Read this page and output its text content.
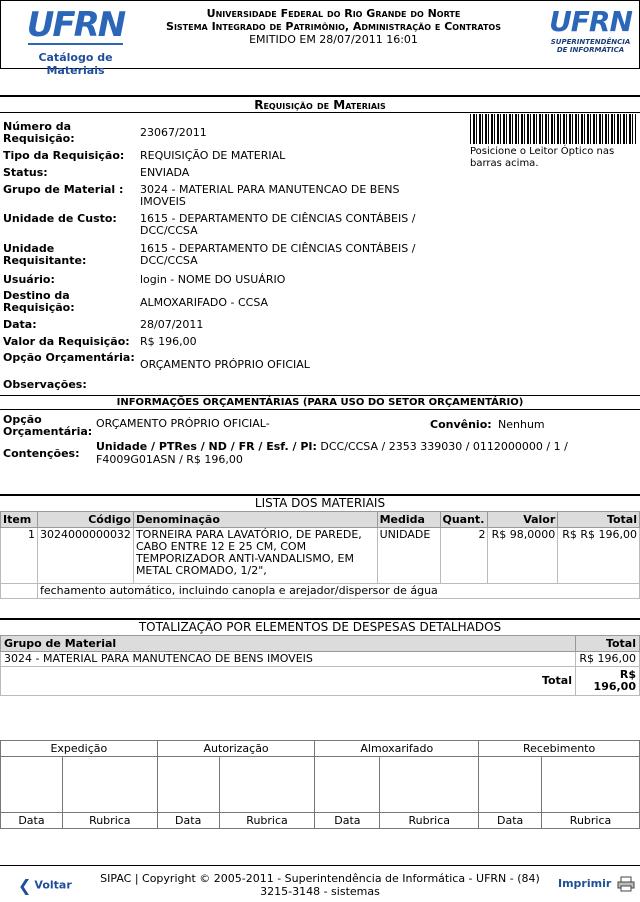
UFRN
Catálogo de Materiais
Universidade Federal do Rio Grande do Norte
Sistema Integrado de Patrimônio, Administração e Contratos
EMITIDO EM 28/07/2011 16:01
UFRN
SUPERINTENDÊNCIA
DE INFORMÁTICA
Requisição de Materiais
Posicione o Leitor Óptico nas barras acima.
Número da Requisição:	23067/2011
Tipo da Requisição:	REQUISIÇÃO DE MATERIAL
Status:	ENVIADA
Grupo de Material :	3024 - MATERIAL PARA MANUTENCAO DE BENS IMOVEIS
Unidade de Custo:	1615 - DEPARTAMENTO DE CIÊNCIAS CONTÁBEIS / DCC/CCSA
Unidade Requisitante:
1615 - DEPARTAMENTO DE CIÊNCIAS CONTÁBEIS / DCC/CCSA
Usuário:	login - NOME DO USUÁRIO
Destino da Requisição:	ALMOXARIFADO - CCSA
Data:	28/07/2011
Valor da Requisição: R$ 196,00
Opção Orçamentária:
ORÇAMENTO PRÓPRIO OFICIAL
Observações:
INFORMAÇÕES ORÇAMENTÁRIAS (PARA USO DO SETOR ORÇAMENTÁRIO)
Opção Orçamentária:
ORÇAMENTO PRÓPRIO OFICIAL-	Convênio: Nenhum
Contenções:
Unidade / PTRes / ND / FR / Esf. / PI: DCC/CCSA / 2353 339030 / 0112000000 / 1 / F4009G01ASN / R$ 196,00
LISTA DOS MATERIAIS
Item	Código	Denominação	Medida	Quant.	Valor	Total
1	3024000000032	TORNEIRA PARA LAVATÓRIO, DE PAREDE, CABO ENTRE 12 E 25 CM, COM TEMPORIZADOR ANTI-VANDALISMO, EM METAL CROMADO, 1/2",	UNIDADE	2	R$ 98,0000	R$ R$ 196,00
	fechamento automático, incluindo canopla e arejador/dispersor de água					
TOTALIZAÇÃO POR ELEMENTOS DE DESPESAS DETALHADOS
Grupo de Material	Total
3024 - MATERIAL PARA MANUTENCAO DE BENS IMOVEIS	R$ 196,00
Total	R$ 196,00
Expedição		Autorização		Almoxarifado		Recebimento	

Data	Rubrica	Data	Rubrica	Data	Rubrica	Data	Rubrica
❮ Voltar	SIPAC | Copyright © 2005-2011 - Superintendência de Informática - UFRN - (84) 3215-3148 - sistemas
Imprimir
